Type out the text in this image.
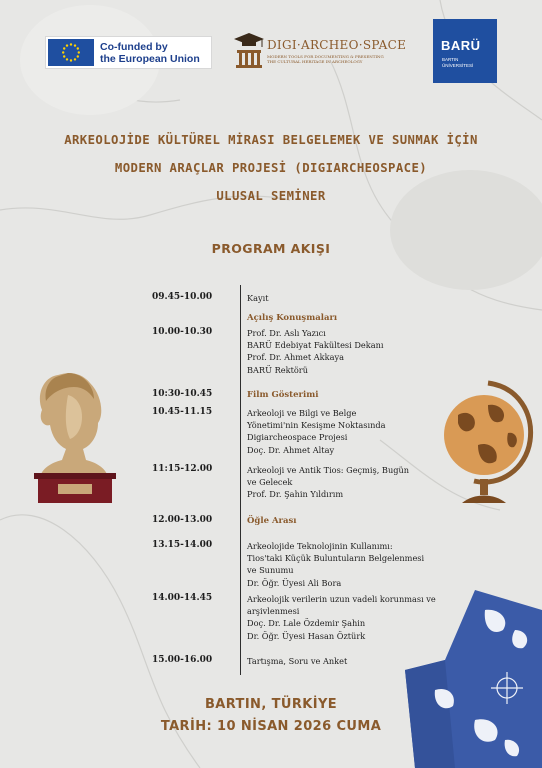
Co-funded by
the European Union
DIGI·ARCHEO·SPACE
MODERN TOOLS FOR DOCUMENTING & PRESENTING
THE CULTURAL HERITAGE IN ARCHEOLOGY
BARÜ
BARTIN
ÜNİVERSİTESİ
ARKEOLOJİDE KÜLTÜREL MİRASI BELGELEMEK VE SUNMAK İÇİN
MODERN ARAÇLAR PROJESİ (DIGIARCHEOSPACE)
ULUSAL SEMİNER
PROGRAM AKIŞI
09.45-10.00	Kayıt
Açılış Konuşmaları
10.00-10.30	Prof. Dr. Aslı Yazıcı
BARÜ Edebiyat Fakültesi Dekanı
Prof. Dr. Ahmet Akkaya
BARÜ Rektörü
10:30-10.45	Film Gösterimi
10.45-11.15	Arkeoloji ve Bilgi ve Belge
Yönetimi'nin Kesişme Noktasında
Digiarcheospace Projesi
Doç. Dr. Ahmet Altay
11:15-12.00	Arkeoloji ve Antik Tios: Geçmiş, Bugün
ve Gelecek
Prof. Dr. Şahin Yıldırım
12.00-13.00	Öğle Arası
13.15-14.00	Arkeolojide Teknolojinin Kullanımı:
Tios'taki Küçük Buluntuların Belgelenmesi
ve Sunumu
Dr. Öğr. Üyesi Ali Bora
14.00-14.45	Arkeolojik verilerin uzun vadeli korunması ve
arşivlenmesi
Doç. Dr. Lale Özdemir Şahin
Dr. Öğr. Üyesi Hasan Öztürk
15.00-16.00	Tartışma, Soru ve Anket
BARTIN, TÜRKİYE
TARİH: 10 NİSAN 2026 CUMA
